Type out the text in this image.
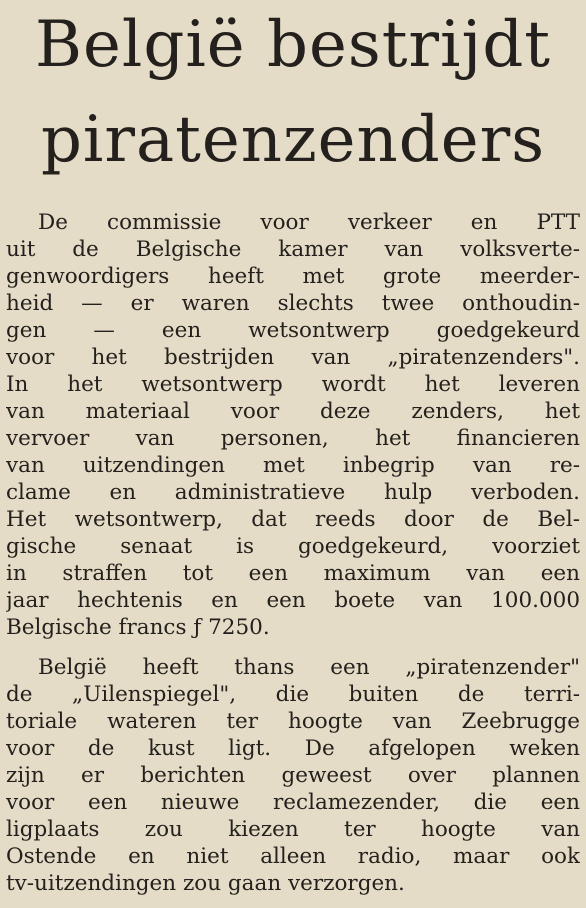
België bestrijdt
piratenzenders
De commissie voor verkeer en PTT
uit de Belgische kamer van volksverte-
genwoordigers heeft met grote meerder-
heid — er waren slechts twee onthoudin-
gen — een wetsontwerp goedgekeurd
voor het bestrijden van „piratenzenders".
In het wetsontwerp wordt het leveren
van materiaal voor deze zenders, het
vervoer van personen, het financieren
van uitzendingen met inbegrip van re-
clame en administratieve hulp verboden.
Het wetsontwerp, dat reeds door de Bel-
gische senaat is goedgekeurd, voorziet
in straffen tot een maximum van een
jaar hechtenis en een boete van 100.000
Belgische francs ƒ 7250.
België heeft thans een „piratenzender"
de „Uilenspiegel", die buiten de terri-
toriale wateren ter hoogte van Zeebrugge
voor de kust ligt. De afgelopen weken
zijn er berichten geweest over plannen
voor een nieuwe reclamezender, die een
ligplaats zou kiezen ter hoogte van
Ostende en niet alleen radio, maar ook
tv-uitzendingen zou gaan verzorgen.
